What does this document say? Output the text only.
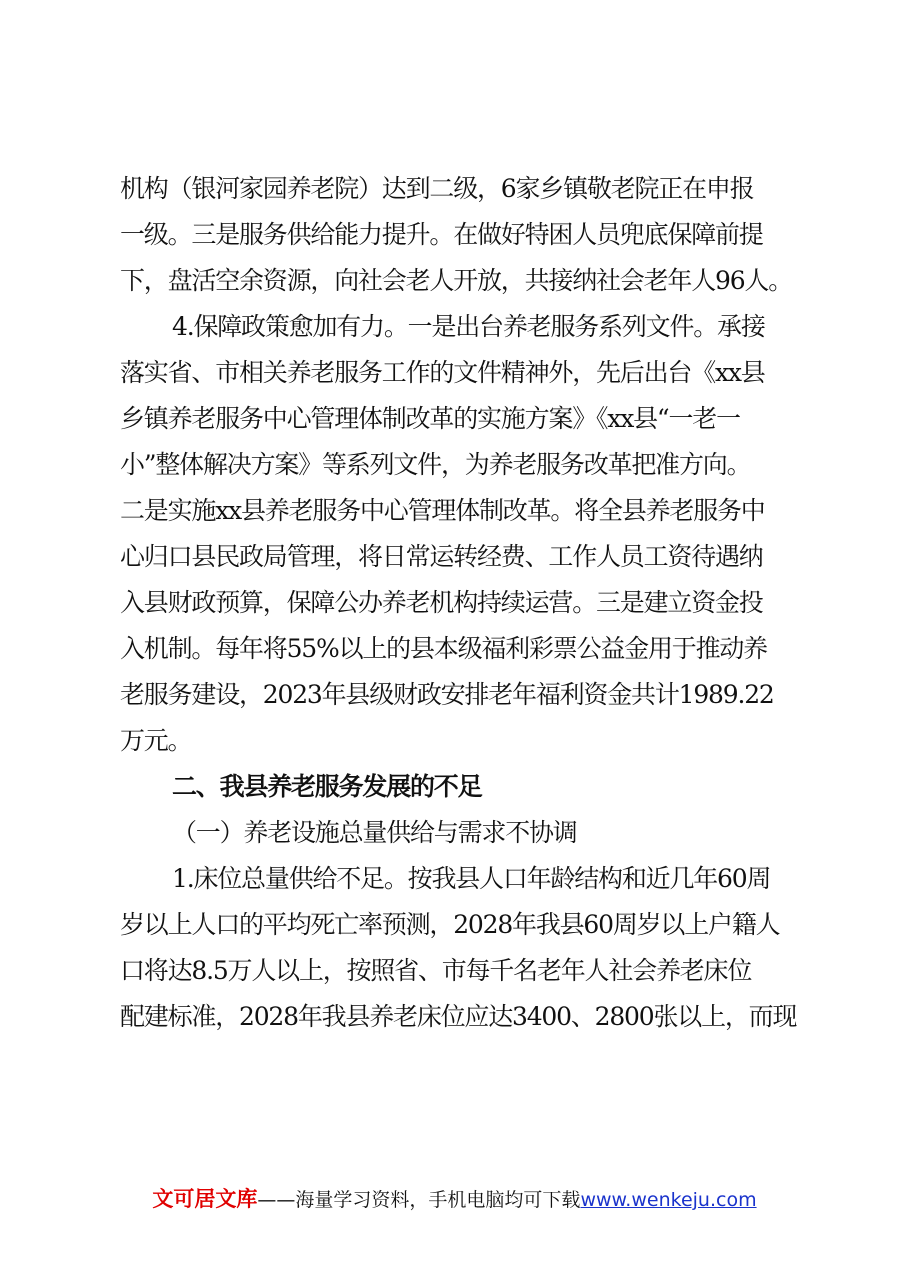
机构（银河家园养老院）达到二级，6家乡镇敬老院正在申报
一级。三是服务供给能力提升。在做好特困人员兜底保障前提
下，盘活空余资源，向社会老人开放，共接纳社会老年人96人。
4.保障政策愈加有力。一是出台养老服务系列文件。承接
落实省、市相关养老服务工作的文件精神外，先后出台《xx县
乡镇养老服务中心管理体制改革的实施方案》《xx县“一老一
小”整体解决方案》等系列文件，为养老服务改革把准方向。
二是实施xx县养老服务中心管理体制改革。将全县养老服务中
心归口县民政局管理，将日常运转经费、工作人员工资待遇纳
入县财政预算，保障公办养老机构持续运营。三是建立资金投
入机制。每年将55%以上的县本级福利彩票公益金用于推动养
老服务建设，2023年县级财政安排老年福利资金共计1989.22
万元。
二、我县养老服务发展的不足
（一）养老设施总量供给与需求不协调
1.床位总量供给不足。按我县人口年龄结构和近几年60周
岁以上人口的平均死亡率预测，2028年我县60周岁以上户籍人
口将达8.5万人以上，按照省、市每千名老年人社会养老床位
配建标准，2028年我县养老床位应达3400、2800张以上，而现
文可居文库——海量学习资料，手机电脑均可下载www.wenkeju.com
